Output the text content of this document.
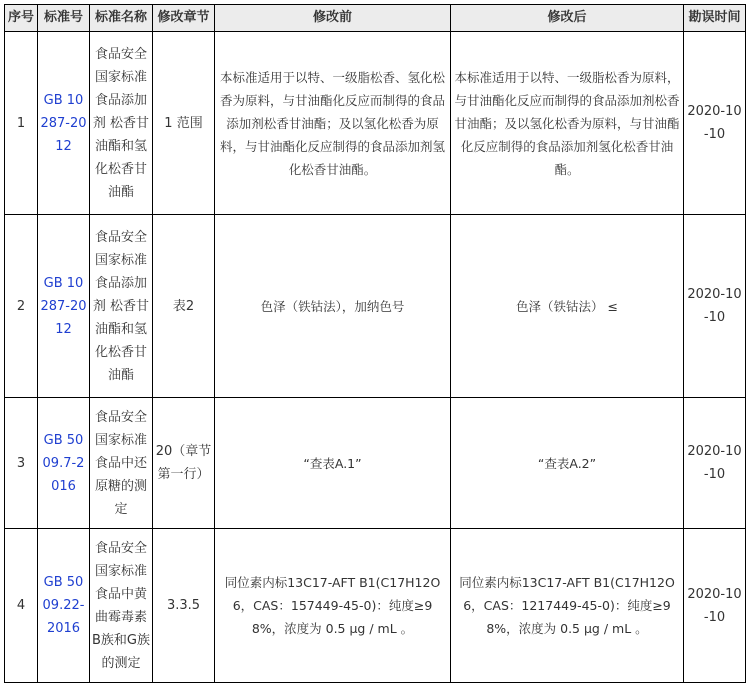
序号	标准号	标准名称	修改章节	修改前	修改后	勘误时间
1	GB 10287-2012	食品安全国家标准 食品添加剂 松香甘油酯和氢化松香甘油酯	1 范围	本标准适用于以特、一级脂松香、氢化松香为原料，与甘油酯化反应而制得的食品添加剂松香甘油酯；及以氢化松香为原料，与甘油酯化反应制得的食品添加剂氢化松香甘油酯。	本标准适用于以特、一级脂松香为原料，与甘油酯化反应而制得的食品添加剂松香甘油酯；及以氢化松香为原料，与甘油酯化反应制得的食品添加剂氢化松香甘油酯。	2020-10-10
2	GB 10287-2012	食品安全国家标准 食品添加剂 松香甘油酯和氢化松香甘油酯	表2	色泽（铁钴法），加纳色号	色泽（铁钴法） ≤	2020-10-10
3	GB 5009.7-2016	食品安全国家标准 食品中还原糖的测定	20（章节第一行）	“查表A.1”	“查表A.2”	2020-10-10
4	GB 5009.22-2016	食品安全国家标准 食品中黄曲霉毒素B族和G族的测定	3.3.5	同位素内标13C17-AFT B1(C17H12O6，CAS：157449-45-0)：纯度≥98%，浓度为 0.5 μg / mL 。	同位素内标13C17-AFT B1(C17H12O6，CAS：1217449-45-0)：纯度≥98%，浓度为 0.5 μg / mL 。	2020-10-10
